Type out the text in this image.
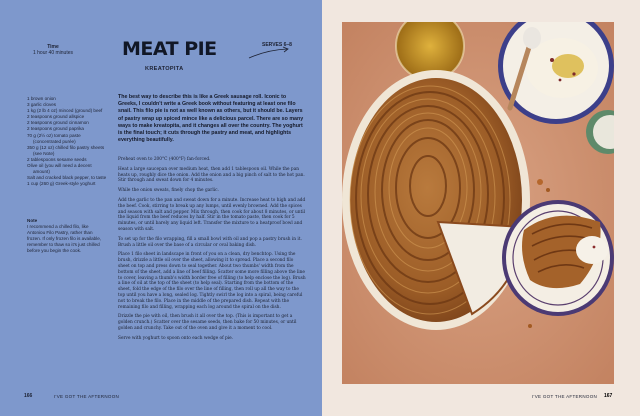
Time
1 hour 40 minutes	MEAT PIE
KREATOPITA
SERVES 6–8
1 brown onion
3 garlic cloves
1 kg (2 lb 4 oz) minced (ground) beef
2 teaspoons ground allspice
2 teaspoons ground cinnamon
2 teaspoons ground paprika
70 g (2½ oz) tomato paste (concentrated purée)
350 g (12 oz) chilled filo pastry sheets (see Note)
2 tablespoons sesame seeds
Olive oil (you will need a decent amount)
Salt and cracked black pepper, to taste
1 cup (260 g) Greek-style yoghurt
Note
I recommend a chilled filo, like Antoniou Filo Pastry, rather than frozen. If only frozen filo is available, remember to thaw so it's just chilled before you begin the cook.
The best way to describe this is like a Greek sausage roll. Iconic to Greeks, I couldn't write a Greek book without featuring at least one filo snail. This filo pie is not as well known as others, but it should be. Layers of pastry wrap up spiced mince like a delicious parcel. There are so many ways to make kreatopita, and it changes all over the country. The yoghurt is the final touch; it cuts through the pastry and meat, and highlights everything beautifully.

Preheat oven to 200°C (400°F) fan-forced.

Heat a large saucepan over medium heat, then add 1 tablespoon oil. While the pan heats up, roughly dice the onion. Add the onion and a big pinch of salt to the hot pan. Stir through and sweat down for 4 minutes.

While the onion sweats, finely chop the garlic.

Add the garlic to the pan and sweat down for a minute. Increase heat to high and add the beef. Cook, stirring to break up any lumps, until evenly browned. Add the spices and season with salt and pepper. Mix through, then cook for about 8 minutes, or until the liquid from the beef reduces by half. Stir in the tomato paste, then cook for 5 minutes, or until barely any liquid left. Transfer the mixture to a heatproof bowl and season with salt.

To set up for the filo wrapping, fill a small bowl with oil and pop a pastry brush in it. Brush a little oil over the base of a circular or oval baking dish.

Place 1 filo sheet in landscape in front of you on a clean, dry benchtop. Using the brush, drizzle a little oil over the sheet, allowing it to spread. Place a second filo sheet on top and press down to seal together. About two thumbs' width from the bottom of the sheet, add a line of beef filling. Scatter some more filling above the line to cover, leaving a thumb's width border free of filling (to help enclose the log). Brush a line of oil at the top of the sheet (to help seal). Starting from the bottom of the sheet, fold the edge of the filo over the line of filling, then roll up all the way to the top until you have a long, sealed log. Tightly swirl the log into a spiral, being careful not to break the filo. Place in the middle of the prepared dish. Repeat with the remaining filo and filling, wrapping each log around the spiral on the dish.

Drizzle the pie with oil, then brush it all over the top. (This is important to get a golden crunch.) Scatter over the sesame seeds, then bake for 50 minutes, or until golden and crunchy. Take out of the oven and give it a moment to cool.

Serve with yoghurt to spoon onto each wedge of pie.

166	I'VE GOT THE AFTERNOON	I'VE GOT THE AFTERNOON 167
